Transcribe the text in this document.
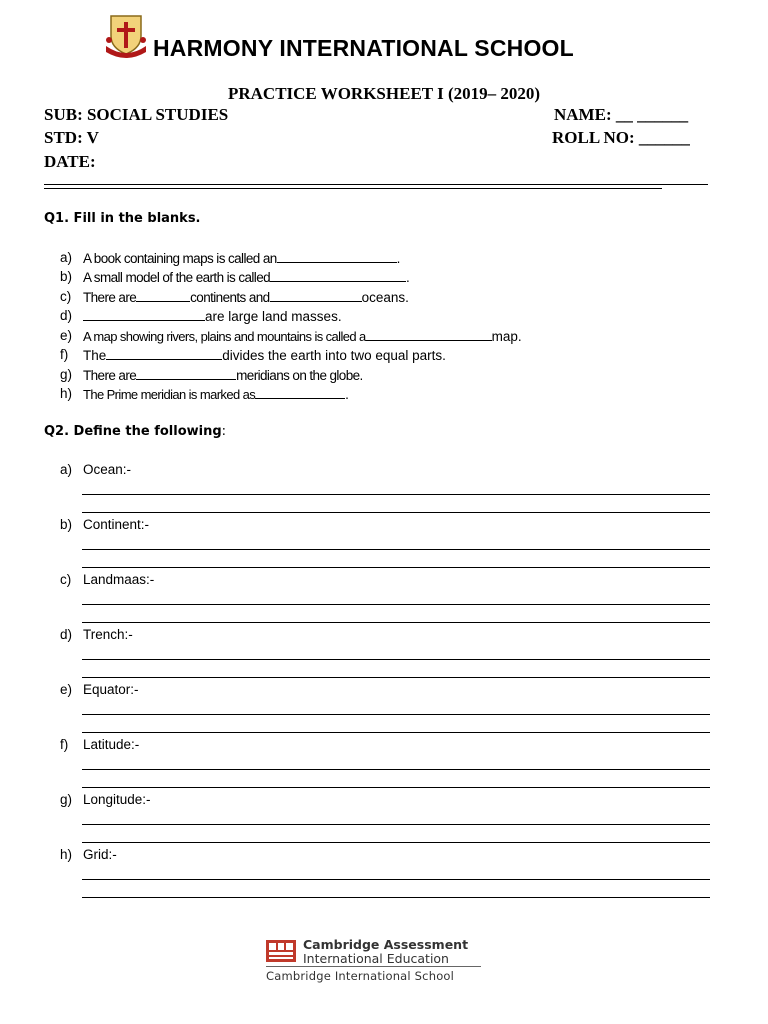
HARMONY INTERNATIONAL SCHOOL
PRACTICE WORKSHEET I (2019– 2020)
SUB: SOCIAL STUDIES	NAME: __ ______
STD: V	ROLL NO: ______
DATE:
Q1. Fill in the blanks.
a) A book containing maps is called an	.
b) A small model of the earth is called	.
c) There are	continents and	oceans.
d)	are large land masses.
e) A map showing rivers, plains and mountains is called a	map.
f) The	divides the earth into two equal parts.
g) There are	meridians on the globe.
h) The Prime meridian is marked as	.
Q2. Define the following:
a) Ocean:-
b) Continent:-
c) Landmaas:-
d) Trench:-
e) Equator:-
f) Latitude:-
g) Longitude:-
h) Grid:-
Cambridge Assessment
International Education
Cambridge International School
